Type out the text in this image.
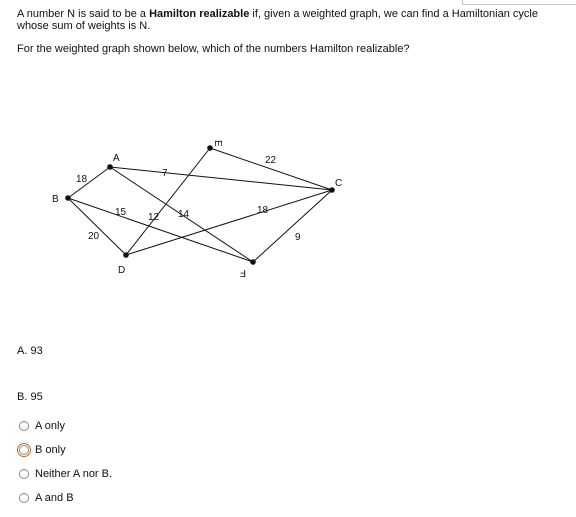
A number N is said to be a Hamilton realizable if, given a weighted graph, we can find a Hamiltonian cycle whose sum of weights is N.

For the weighted graph shown below, which of the numbers Hamilton realizable?

A
B
C
D
E
F
18
7
22
15 12 14	18
20	9
A. 93
B. 95
A only
B only
Neither A nor B.
A and B
